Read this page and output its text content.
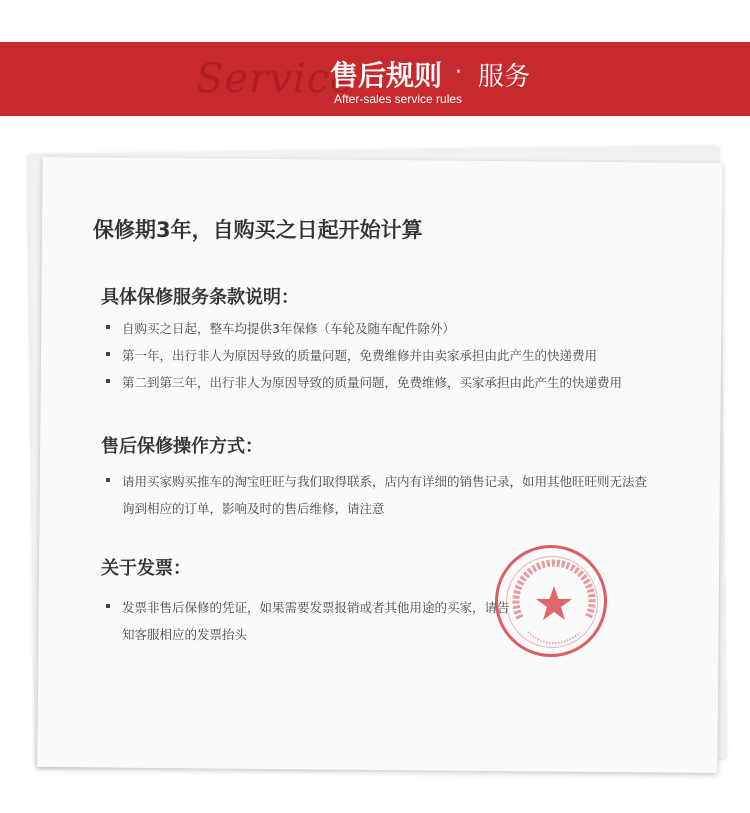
Service
售后规则 · 服务
After-sales service rules
保修期3年，自购买之日起开始计算
具体保修服务条款说明：
自购买之日起，整车均提供3年保修（车轮及随车配件除外）
第一年，出行非人为原因导致的质量问题，免费维修并由卖家承担由此产生的快递费用
第二到第三年，出行非人为原因导致的质量问题，免费维修，买家承担由此产生的快递费用
售后保修操作方式：
请用买家购买推车的淘宝旺旺与我们取得联系，店内有详细的销售记录，如用其他旺旺则无法查
询到相应的订单，影响及时的售后维修，请注意
关于发票：
发票非售后保修的凭证，如果需要发票报销或者其他用途的买家，请告
知客服相应的发票抬头
